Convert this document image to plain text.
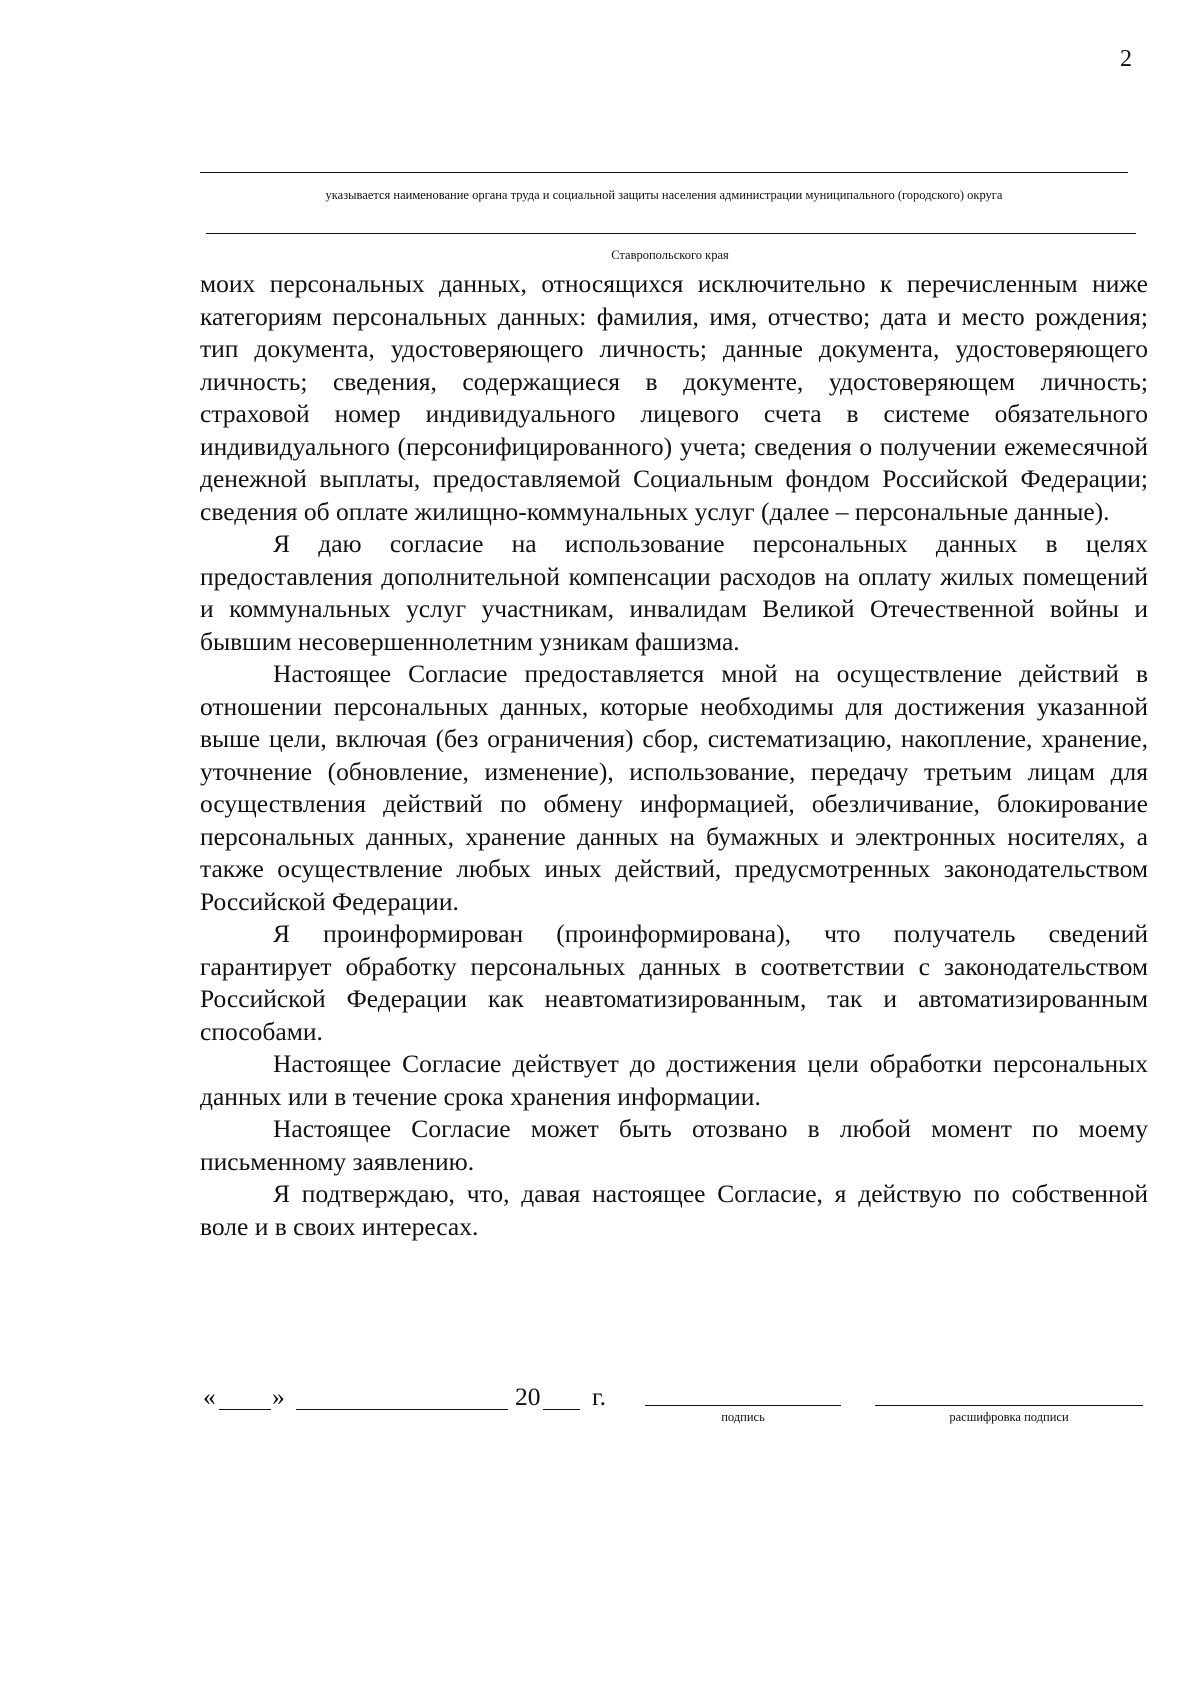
2
указывается наименование органа труда и социальной защиты населения администрации муниципального (городского) округа
Ставропольского края

моих персональных данных, относящихся исключительно к перечисленным ниже категориям персональных данных: фамилия, имя, отчество; дата и место рождения; тип документа, удостоверяющего личность; данные документа, удостоверяющего личность; сведения, содержащиеся в документе, удостоверяющем личность; страховой номер индивидуального лицевого счета в системе обязательного индивидуального (персонифицированного) учета; сведения о получении ежемесячной денежной выплаты, предоставляемой Социальным фондом Российской Федерации; сведения об оплате жилищно-коммунальных услуг (далее – персональные данные).

Я даю согласие на использование персональных данных в целях предоставления дополнительной компенсации расходов на оплату жилых помещений и коммунальных услуг участникам, инвалидам Великой Отечественной войны и бывшим несовершеннолетним узникам фашизма.

Настоящее Согласие предоставляется мной на осуществление действий в отношении персональных данных, которые необходимы для достижения указанной выше цели, включая (без ограничения) сбор, систематизацию, накопление, хранение, уточнение (обновление, изменение), использование, передачу третьим лицам для осуществления действий по обмену информацией, обезличивание, блокирование персональных данных, хранение данных на бумажных и электронных носителях, а также осуществление любых иных действий, предусмотренных законодательством Российской Федерации.

Я проинформирован (проинформирована), что получатель сведений гарантирует обработку персональных данных в соответствии с законодательством Российской Федерации как неавтоматизированным, так и автоматизированным способами.

Настоящее Согласие действует до достижения цели обработки персональных данных или в течение срока хранения информации.

Настоящее Согласие может быть отозвано в любой момент по моему письменному заявлению.

Я подтверждаю, что, давая настоящее Согласие, я действую по собственной воле и в своих интересах.

« »	20 г.
подпись	расшифровка подписи
